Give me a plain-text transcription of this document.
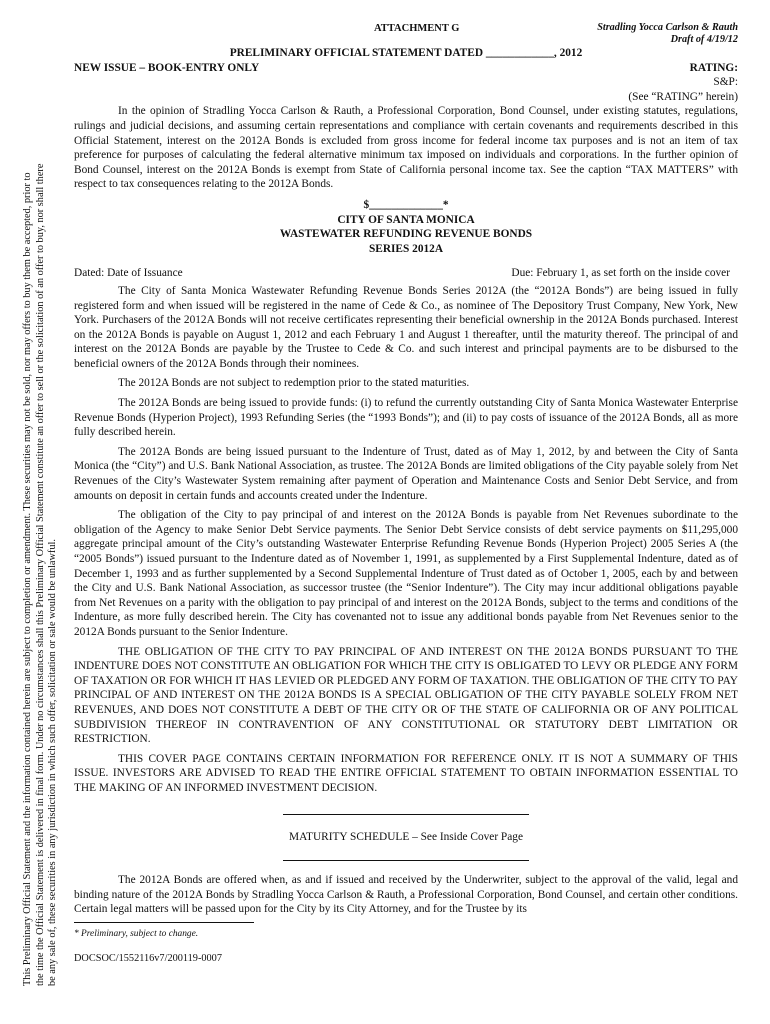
This Preliminary Official Statement and the information contained herein are subject to completion or amendment. These securities may not be sold, nor may offers to buy them be accepted, prior to the time the Official Statement is delivered in final form. Under no circumstances shall this Preliminary Official Statement constitute an offer to sell or the solicitation of an offer to buy, nor shall there be any sale of, these securities in any jurisdiction in which such offer, solicitation or sale would be unlawful.
ATTACHMENT G	Stradling Yocca Carlson & Rauth
Draft of 4/19/12
PRELIMINARY OFFICIAL STATEMENT DATED ____________, 2012
NEW ISSUE – BOOK-ENTRY ONLY	RATING:
S&P:
(See “RATING” herein)

In the opinion of Stradling Yocca Carlson & Rauth, a Professional Corporation, Bond Counsel, under existing statutes, regulations, rulings and judicial decisions, and assuming certain representations and compliance with certain covenants and requirements described in this Official Statement, interest on the 2012A Bonds is excluded from gross income for federal income tax purposes and is not an item of tax preference for purposes of calculating the federal alternative minimum tax imposed on individuals and corporations. In the further opinion of Bond Counsel, interest on the 2012A Bonds is exempt from State of California personal income tax. See the caption “TAX MATTERS” with respect to tax consequences relating to the 2012A Bonds.

$_____________*
CITY OF SANTA MONICA
WASTEWATER REFUNDING REVENUE BONDS
SERIES 2012A
Dated: Date of Issuance	Due: February 1, as set forth on the inside cover

The City of Santa Monica Wastewater Refunding Revenue Bonds Series 2012A (the “2012A Bonds”) are being issued in fully registered form and when issued will be registered in the name of Cede & Co., as nominee of The Depository Trust Company, New York, New York. Purchasers of the 2012A Bonds will not receive certificates representing their beneficial ownership in the 2012A Bonds purchased. Interest on the 2012A Bonds is payable on August 1, 2012 and each February 1 and August 1 thereafter, until the maturity thereof. The principal of and interest on the 2012A Bonds are payable by the Trustee to Cede & Co. and such interest and principal payments are to be disbursed to the beneficial owners of the 2012A Bonds through their nominees.

The 2012A Bonds are not subject to redemption prior to the stated maturities.

The 2012A Bonds are being issued to provide funds: (i) to refund the currently outstanding City of Santa Monica Wastewater Enterprise Revenue Bonds (Hyperion Project), 1993 Refunding Series (the “1993 Bonds”); and (ii) to pay costs of issuance of the 2012A Bonds, all as more fully described herein.

The 2012A Bonds are being issued pursuant to the Indenture of Trust, dated as of May 1, 2012, by and between the City of Santa Monica (the “City”) and U.S. Bank National Association, as trustee. The 2012A Bonds are limited obligations of the City payable solely from Net Revenues of the City’s Wastewater System remaining after payment of Operation and Maintenance Costs and Senior Debt Service, and from amounts on deposit in certain funds and accounts created under the Indenture.

The obligation of the City to pay principal of and interest on the 2012A Bonds is payable from Net Revenues subordinate to the obligation of the Agency to make Senior Debt Service payments. The Senior Debt Service consists of debt service payments on $11,295,000 aggregate principal amount of the City’s outstanding Wastewater Enterprise Refunding Revenue Bonds (Hyperion Project) 2005 Series A (the “2005 Bonds”) issued pursuant to the Indenture dated as of November 1, 1991, as supplemented by a First Supplemental Indenture, dated as of December 1, 1993 and as further supplemented by a Second Supplemental Indenture of Trust dated as of October 1, 2005, each by and between the City and U.S. Bank National Association, as successor trustee (the “Senior Indenture”). The City may incur additional obligations payable from Net Revenues on a parity with the obligation to pay principal of and interest on the 2012A Bonds, subject to the terms and conditions of the Indenture, as more fully described herein. The City has covenanted not to issue any additional bonds payable from Net Revenues senior to the 2012A Bonds pursuant to the Senior Indenture.

THE OBLIGATION OF THE CITY TO PAY PRINCIPAL OF AND INTEREST ON THE 2012A BONDS PURSUANT TO THE INDENTURE DOES NOT CONSTITUTE AN OBLIGATION FOR WHICH THE CITY IS OBLIGATED TO LEVY OR PLEDGE ANY FORM OF TAXATION OR FOR WHICH IT HAS LEVIED OR PLEDGED ANY FORM OF TAXATION. THE OBLIGATION OF THE CITY TO PAY PRINCIPAL OF AND INTEREST ON THE 2012A BONDS IS A SPECIAL OBLIGATION OF THE CITY PAYABLE SOLELY FROM NET REVENUES, AND DOES NOT CONSTITUTE A DEBT OF THE CITY OR OF THE STATE OF CALIFORNIA OR OF ANY POLITICAL SUBDIVISION THEREOF IN CONTRAVENTION OF ANY CONSTITUTIONAL OR STATUTORY DEBT LIMITATION OR RESTRICTION.

THIS COVER PAGE CONTAINS CERTAIN INFORMATION FOR REFERENCE ONLY. IT IS NOT A SUMMARY OF THIS ISSUE. INVESTORS ARE ADVISED TO READ THE ENTIRE OFFICIAL STATEMENT TO OBTAIN INFORMATION ESSENTIAL TO THE MAKING OF AN INFORMED INVESTMENT DECISION.

MATURITY SCHEDULE – See Inside Cover Page

The 2012A Bonds are offered when, as and if issued and received by the Underwriter, subject to the approval of the valid, legal and binding nature of the 2012A Bonds by Stradling Yocca Carlson & Rauth, a Professional Corporation, Bond Counsel, and certain other conditions. Certain legal matters will be passed upon for the City by its City Attorney, and for the Trustee by its

* Preliminary, subject to change.
DOCSOC/1552116v7/200119-0007
